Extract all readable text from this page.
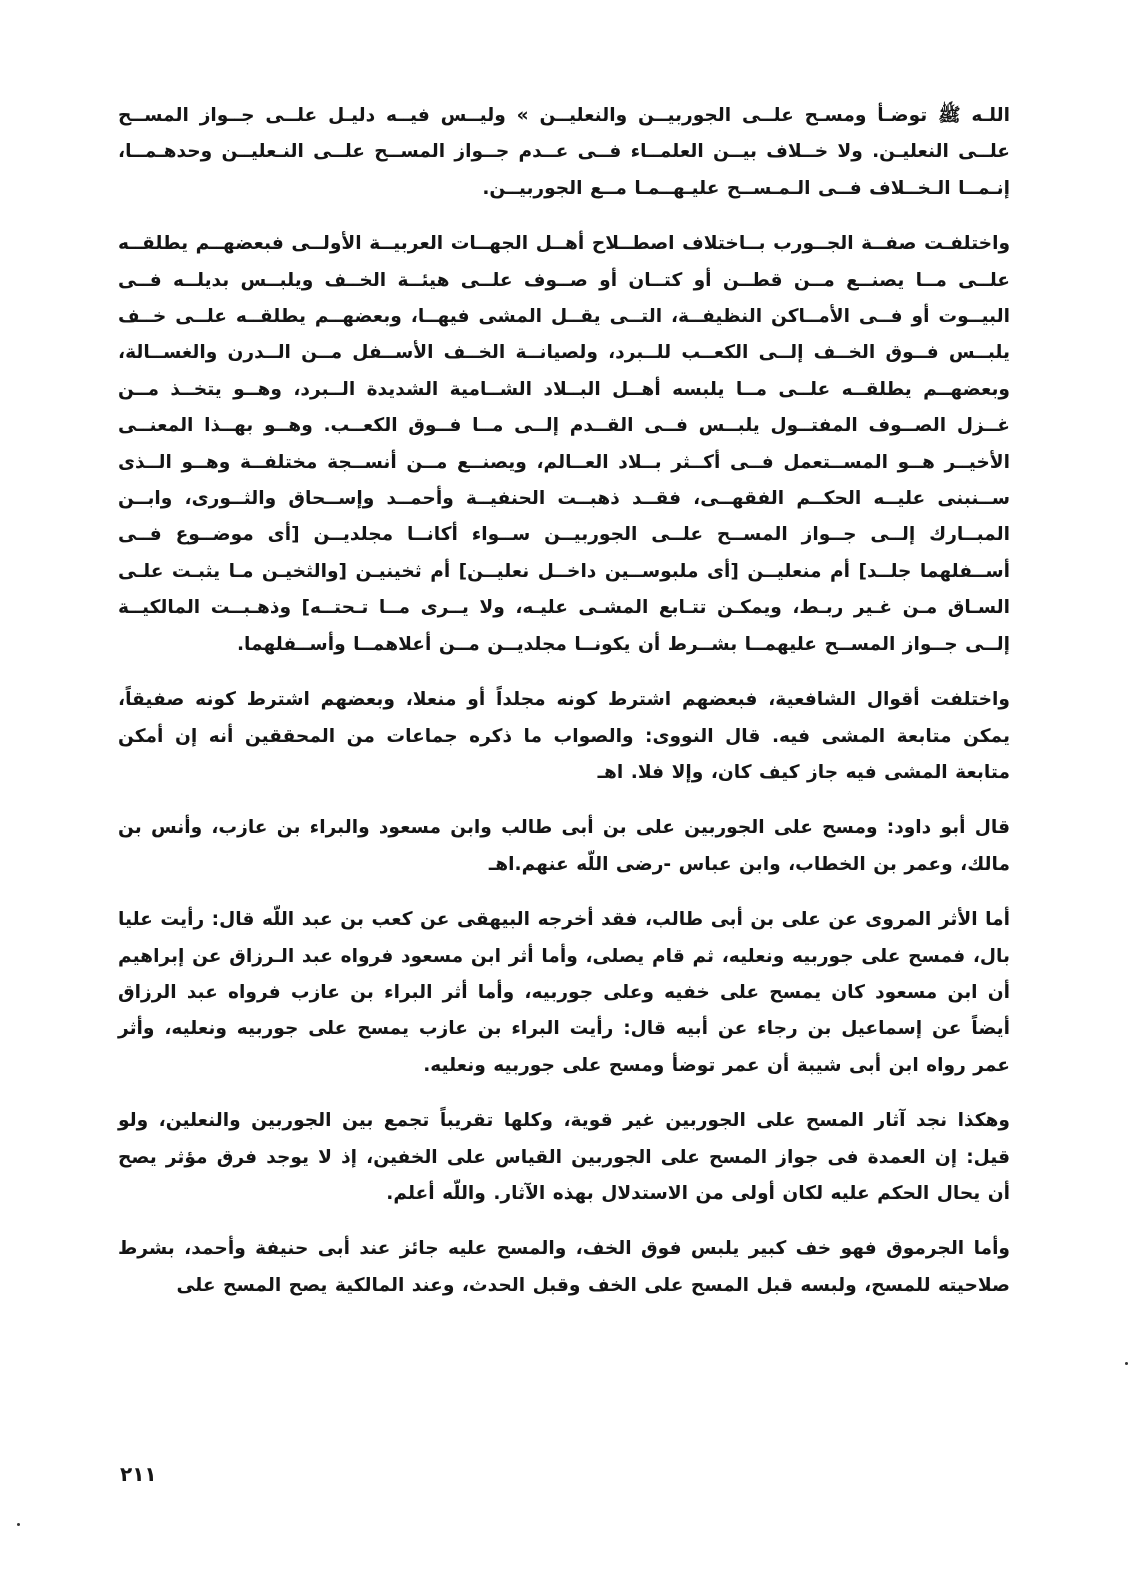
اللـه ﷺ توضـأ ومسـح علــى الجوربيــن والنعليــن » وليــس فيــه دليـل علــى جــواز المســح علــى النعليـن. ولا خــلاف بيــن العلمــاء فــى عــدم جــواز المســح علــى النـعليــن وحدهـمــا، إنـمــا الـخــلاف فــى الـمـســح عليـهــمـا مــع الجوربيــن.

واختلفـت صفــة الجــورب بــاختلاف اصطــلاح أهــل الجهــات العربيــة الأولــى فبعضهــم يطلقــه علــى مــا يصنــع مــن قطــن أو كتــان أو صــوف علــى هيئــة الخــف ويلبــس بديلــه فــى البيــوت أو فــى الأمــاكن النظيفــة، التــى يقــل المشى فيهــا، وبعضهــم يطلقــه علــى خــف يلبــس فــوق الخــف إلــى الكعــب للــبرد، ولصيانــة الخــف الأســفل مــن الــدرن والغســالة، وبعضهــم يطلقــه علــى مــا يلبسه أهــل البــلاد الشــامية الشديدة الــبرد، وهــو يتخــذ مــن غــزل الصــوف المفتــول يلبــس فــى القــدم إلــى مــا فــوق الكعــب. وهــو بهــذا المعنــى الأخيــر هــو المســتعمل فــى أكــثر بــلاد العــالم، ويصنــع مــن أنســجة مختلفــة وهــو الــذى ســنبنى عليــه الحكــم الفقهــى، فقــد ذهبــت الحنفيــة وأحمــد وإســحاق والثــورى، وابــن المبــارك إلــى جــواز المســح علــى الجوربيــن ســواء أكانــا مجلديــن [أى موضــوع فــى أســفلهما جلــد] أم منعليــن [أى ملبوســين داخــل نعليــن] أم ثخينيـن [والثخيـن مـا يثبـت علـى السـاق مـن غـير ربـط، ويمكـن تتـابع المشـى عليـه، ولا يــرى مــا تـحتــه] وذهـبــت المالكيــة إلــى جــواز المســح عليهمــا بشــرط أن يكونــا مجلديــن مــن أعلاهمــا وأســفلهما.

واختلفت أقوال الشافعية، فبعضهم اشترط كونه مجلداً أو منعلا، وبعضهم اشترط كونه صفيقاً، يمكن متابعة المشى فيه. قال النووى: والصواب ما ذكره جماعات من المحققين أنه إن أمكن متابعة المشى فيه جاز كيف كان، وإلا فلا. اهـ

قال أبو داود: ومسح على الجوربين على بن أبى طالب وابن مسعود والبراء بن عازب، وأنس بن مالك، وعمر بن الخطاب، وابن عباس -رضى اللّه عنهم.اهـ

أما الأثر المروى عن على بن أبى طالب، فقد أخرجه البيهقى عن كعب بن عبد اللّه قال: رأيت عليا بال، فمسح على جوربيه ونعليه، ثم قام يصلى، وأما أثر ابن مسعود فرواه عبد الـرزاق عن إبراهيم أن ابن مسعود كان يمسح على خفيه وعلى جوربيه، وأما أثر البراء بن عازب فرواه عبد الرزاق أيضاً عن إسماعيل بن رجاء عن أبيه قال: رأيت البراء بن عازب يمسح على جوربيه ونعليه، وأثر عمر رواه ابن أبى شيبة أن عمر توضأ ومسح على جوربيه ونعليه.

وهكذا نجد آثار المسح على الجوربين غير قوية، وكلها تقريباً تجمع بين الجوربين والنعلين، ولو قيل: إن العمدة فى جواز المسح على الجوربين القياس على الخفين، إذ لا يوجد فرق مؤثر يصح أن يحال الحكم عليه لكان أولى من الاستدلال بهذه الآثار. واللّه أعلم.

وأما الجرموق فهو خف كبير يلبس فوق الخف، والمسح عليه جائز عند أبى حنيفة وأحمد، بشرط صلاحيته للمسح، ولبسه قبل المسح على الخف وقبل الحدث، وعند المالكية يصح المسح على

٢١١
